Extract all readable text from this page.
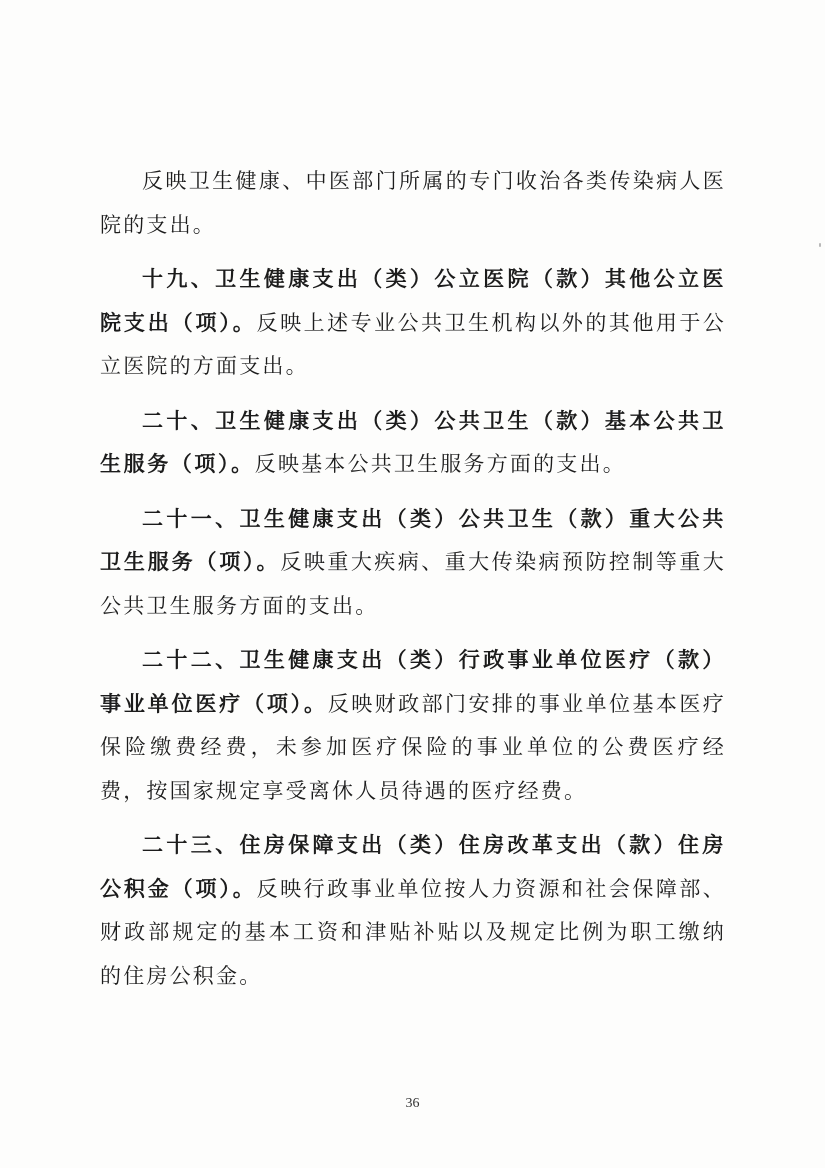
反映卫生健康、中医部门所属的专门收治各类传染病人医院的支出。

十九、卫生健康支出（类）公立医院（款）其他公立医院支出（项）。反映上述专业公共卫生机构以外的其他用于公立医院的方面支出。

二十、卫生健康支出（类）公共卫生（款）基本公共卫生服务（项）。反映基本公共卫生服务方面的支出。

二十一、卫生健康支出（类）公共卫生（款）重大公共卫生服务（项）。反映重大疾病、重大传染病预防控制等重大公共卫生服务方面的支出。

二十二、卫生健康支出（类）行政事业单位医疗（款）事业单位医疗（项）。反映财政部门安排的事业单位基本医疗保险缴费经费，未参加医疗保险的事业单位的公费医疗经费，按国家规定享受离休人员待遇的医疗经费。

二十三、住房保障支出（类）住房改革支出（款）住房公积金（项）。反映行政事业单位按人力资源和社会保障部、财政部规定的基本工资和津贴补贴以及规定比例为职工缴纳的住房公积金。

36
